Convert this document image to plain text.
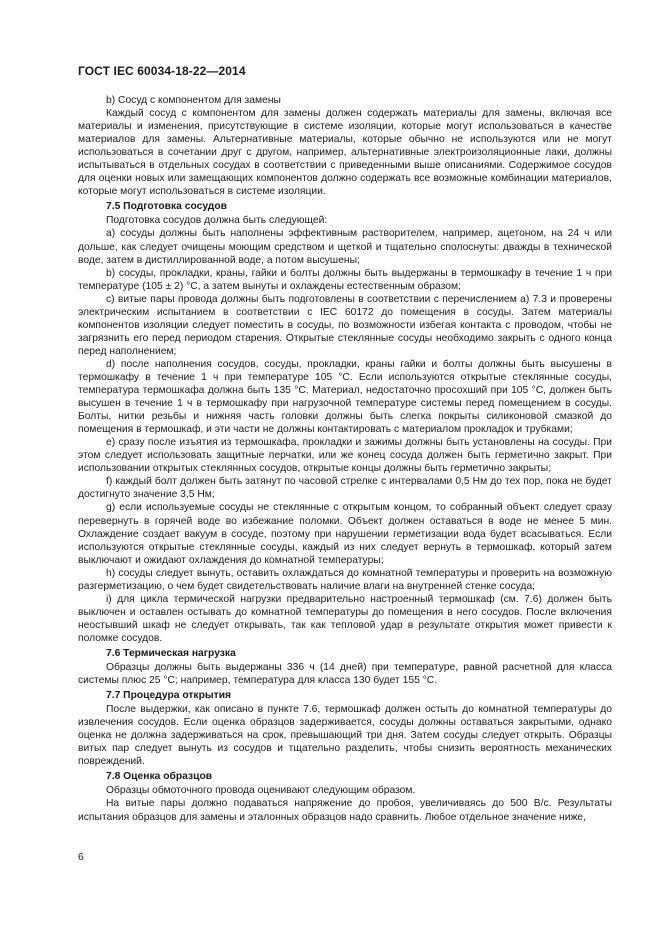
ГОСТ IEC 60034-18-22—2014

b) Сосуд с компонентом для замены

Каждый сосуд с компонентом для замены должен содержать материалы для замены, включая все материалы и изменения, присутствующие в системе изоляции, которые могут использоваться в качестве материалов для замены. Альтернативные материалы, которые обычно не используются или не могут использоваться в сочетании друг с другом, например, альтернативные электроизоляционные лаки, должны испытываться в отдельных сосудах в соответствии с приведенными выше описаниями. Содержимое сосудов для оценки новых или замещающих компонентов должно содержать все возможные комбинации материалов, которые могут использоваться в системе изоляции.

7.5 Подготовка сосудов

Подготовка сосудов должна быть следующей:

a) сосуды должны быть наполнены эффективным растворителем, например, ацетоном, на 24 ч или дольше, как следует очищены моющим средством и щеткой и тщательно сполоснуты: дважды в технической воде, затем в дистиллированной воде, а потом высушены;

b) сосуды, прокладки, краны, гайки и болты должны быть выдержаны в термошкафу в течение 1 ч при температуре (105 ± 2) °С, а затем вынуты и охлаждены естественным образом;

c) витые пары провода должны быть подготовлены в соответствии с перечислением а) 7.3 и проверены электрическим испытанием в соответствии с IEC 60172 до помещения в сосуды. Затем материалы компонентов изоляции следует поместить в сосуды, по возможности избегая контакта с проводом, чтобы не загрязнить его перед периодом старения. Открытые стеклянные сосуды необходимо закрыть с одного конца перед наполнением;

d) после наполнения сосудов, сосуды, прокладки, краны гайки и болты должны быть высушены в термошкафу в течение 1 ч при температуре 105 °С. Если используются открытые стеклянные сосуды, температура термошкафа должна быть 135 °С. Материал, недостаточно просохший при 105 °С, должен быть высушен в течение 1 ч в термошкафу при нагрузочной температуре системы перед помещением в сосуды. Болты, нитки резьбы и нижняя часть головки должны быть слегка покрыты силиконовой смазкой до помещения в термошкаф, и эти части не должны контактировать с материалом прокладок и трубками;

e) сразу после изъятия из термошкафа, прокладки и зажимы должны быть установлены на сосуды. При этом следует использовать защитные перчатки, или же конец сосуда должен быть герметично закрыт. При использовании открытых стеклянных сосудов, открытые концы должны быть герметично закрыты;

f) каждый болт должен быть затянут по часовой стрелке с интервалами 0,5 Нм до тех пор, пока не будет достигнуто значение 3,5 Нм;

g) если используемые сосуды не стеклянные с открытым концом, то собранный объект следует сразу перевернуть в горячей воде во избежание поломки. Объект должен оставаться в воде не менее 5 мин. Охлаждение создает вакуум в сосуде, поэтому при нарушении герметизации вода будет всасываться. Если используются открытые стеклянные сосуды, каждый из них следует вернуть в термошкаф, который затем выключают и ожидают охлаждения до комнатной температуры;

h) сосуды следует вынуть, оставить охлаждаться до комнатной температуры и проверить на возможную разгерметизацию, о чем будет свидетельствовать наличие влаги на внутренней стенке сосуда;

i) для цикла термической нагрузки предварительно настроенный термошкаф (см. 7.6) должен быть выключен и оставлен остывать до комнатной температуры до помещения в него сосудов. После включения неостывший шкаф не следует открывать, так как тепловой удар в результате открытия может привести к поломке сосудов.

7.6 Термическая нагрузка

Образцы должны быть выдержаны 336 ч (14 дней) при температуре, равной расчетной для класса системы плюс 25 °С; например, температура для класса 130 будет 155 °С.

7.7 Процедура открытия

После выдержки, как описано в пункте 7.6, термошкаф должен остыть до комнатной температуры до извлечения сосудов. Если оценка образцов задерживается, сосуды должны оставаться закрытыми, однако оценка не должна задерживаться на срок, превышающий три дня. Затем сосуды следует открыть. Образцы витых пар следует вынуть из сосудов и тщательно разделить, чтобы снизить вероятность механических повреждений.

7.8 Оценка образцов

Образцы обмоточного провода оценивают следующим образом.

На витые пары должно подаваться напряжение до пробоя, увеличиваясь до 500 В/с. Результаты испытания образцов для замены и эталонных образцов надо сравнить. Любое отдельное значение ниже,

6
